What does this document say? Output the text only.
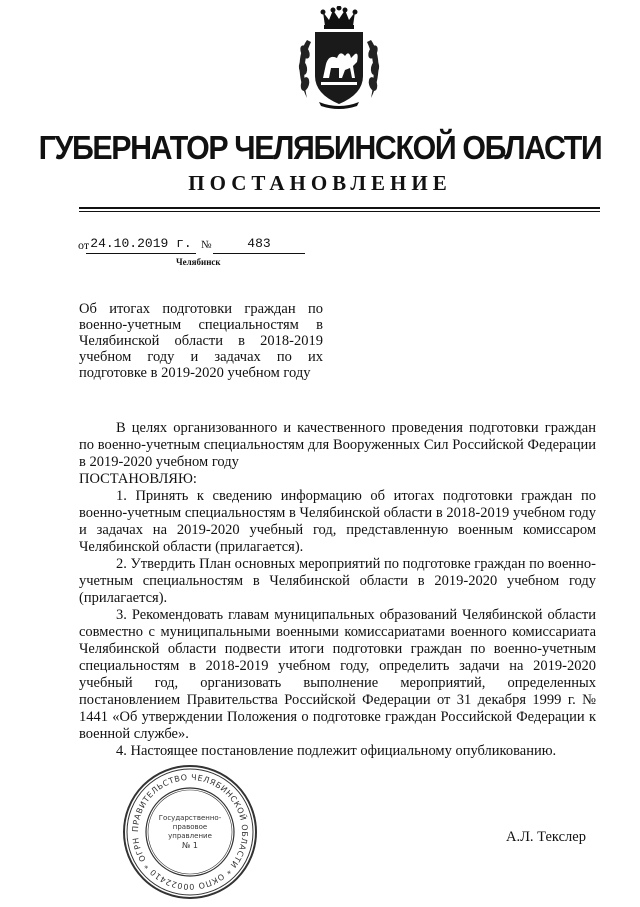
ГУБЕРНАТОР ЧЕЛЯБИНСКОЙ ОБЛАСТИ
ПОСТАНОВЛЕНИЕ
от 24.10.2019 г. №	483
Челябинск
Об итогах подготовки граждан по военно-учетным специальностям в Челябинской области в 2018-2019 учебном году и задачах по их подготовке в 2019-2020 учебном году

В целях организованного и качественного проведения подготовки граждан по военно-учетным специальностям для Вооруженных Сил Российской Федерации в 2019-2020 учебном году

ПОСТАНОВЛЯЮ:

1. Принять к сведению информацию об итогах подготовки граждан по военно-учетным специальностям в Челябинской области в 2018-2019 учебном году и задачах на 2019-2020 учебный год, представленную военным комиссаром Челябинской области (прилагается).

2. Утвердить План основных мероприятий по подготовке граждан по военно-учетным специальностям в Челябинской области в 2019-2020 учебном году (прилагается).

3. Рекомендовать главам муниципальных образований Челябинской области совместно с муниципальными военными комиссариатами военного комиссариата Челябинской области подвести итоги подготовки граждан по военно-учетным специальностям в 2018-2019 учебном году, определить задачи на 2019-2020 учебный год, организовать выполнение мероприятий, определенных постановлением Правительства Российской Федерации от 31 декабря 1999 г. № 1441 «Об утверждении Положения о подготовке граждан Российской Федерации к военной службе».

4. Настоящее постановление подлежит официальному опубликованию.

ПРАВИТЕЛЬСТВО ЧЕЛЯБИНСКОЙ ОБЛАСТИ * ОКПО 00022410 * ОГРН
Государственно-
правовое
управление
№ 1
А.Л. Текслер
